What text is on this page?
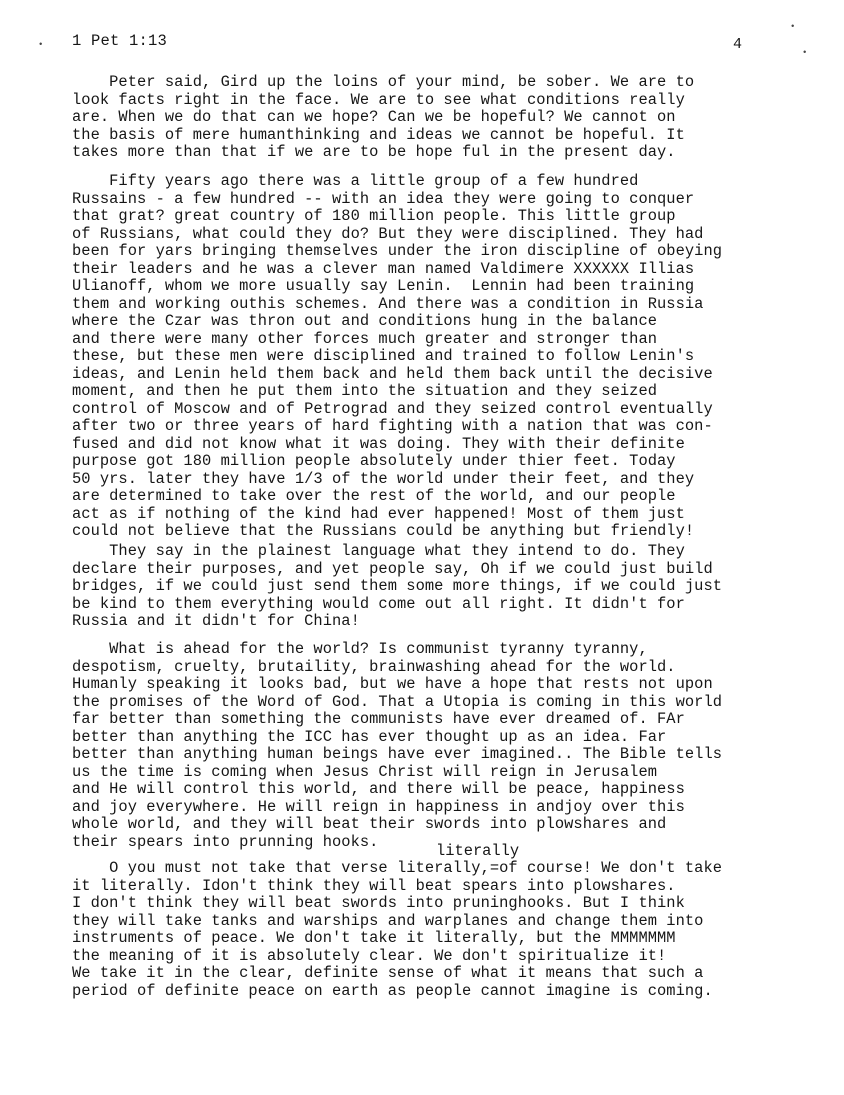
•
•
•
1 Pet 1:13	4
Peter said, Gird up the loins of your mind, be sober. We are to
look facts right in the face. We are to see what conditions really
are. When we do that can we hope? Can we be hopeful? We cannot on
the basis of mere humanthinking and ideas we cannot be hopeful. It
takes more than that if we are to be hope ful in the present day.
Fifty years ago there was a little group of a few hundred
Russains - a few hundred -- with an idea they were going to conquer
that grat? great country of 180 million people. This little group
of Russians, what could they do? But they were disciplined. They had
been for yars bringing themselves under the iron discipline of obeying
their leaders and he was a clever man named Valdimere XXXXXX Illias
Ulianoff, whom we more usually say Lenin.  Lennin had been training
them and working outhis schemes. And there was a condition in Russia
where the Czar was thron out and conditions hung in the balance
and there were many other forces much greater and stronger than
these, but these men were disciplined and trained to follow Lenin's
ideas, and Lenin held them back and held them back until the decisive
moment, and then he put them into the situation and they seized
control of Moscow and of Petrograd and they seized control eventually
after two or three years of hard fighting with a nation that was con-
fused and did not know what it was doing. They with their definite
purpose got 180 million people absolutely under thier feet. Today
50 yrs. later they have 1/3 of the world under their feet, and they
are determined to take over the rest of the world, and our people
act as if nothing of the kind had ever happened! Most of them just
could not believe that the Russians could be anything but friendly!
They say in the plainest language what they intend to do. They
declare their purposes, and yet people say, Oh if we could just build
bridges, if we could just send them some more things, if we could just
be kind to them everything would come out all right. It didn't for
Russia and it didn't for China!
What is ahead for the world? Is communist tyranny tyranny,
despotism, cruelty, brutaility, brainwashing ahead for the world.
Humanly speaking it looks bad, but we have a hope that rests not upon
the promises of the Word of God. That a Utopia is coming in this world
far better than something the communists have ever dreamed of. FAr
better than anything the ICC has ever thought up as an idea. Far
better than anything human beings have ever imagined.. The Bible tells
us the time is coming when Jesus Christ will reign in Jerusalem
and He will control this world, and there will be peace, happiness
and joy everywhere. He will reign in happiness in andjoy over this
whole world, and they will beat their swords into plowshares and
their spears into prunning hooks.
literally
O you must not take that verse literally,=of course! We don't take
it literally. Idon't think they will beat spears into plowshares.
I don't think they will beat swords into pruninghooks. But I think
they will take tanks and warships and warplanes and change them into
instruments of peace. We don't take it literally, but the MMMMMMM
the meaning of it is absolutely clear. We don't spiritualize it!
We take it in the clear, definite sense of what it means that such a
period of definite peace on earth as people cannot imagine is coming.
